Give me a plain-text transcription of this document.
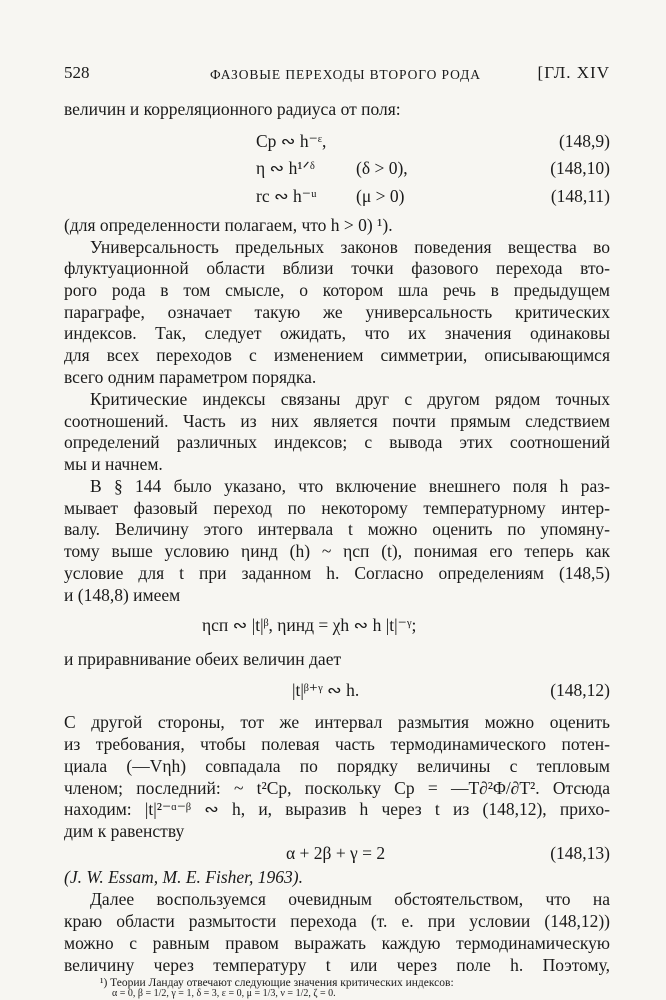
528	ФАЗОВЫЕ ПЕРЕХОДЫ ВТОРОГО РОДА	[ГЛ. XIV
величин и корреляционного радиуса от поля:
Cp ∾ h⁻ᵋ,	(148,9)
η ∾ h¹ᐟᵟ (δ > 0),	(148,10)
rc ∾ h⁻ᵘ (μ > 0)	(148,11)
(для определенности полагаем, что h > 0) ¹).
Универсальность предельных законов поведения вещества во
флуктуационной области вблизи точки фазового перехода вто-
рого рода в том смысле, о котором шла речь в предыдущем
параграфе, означает такую же универсальность критических
индексов. Так, следует ожидать, что их значения одинаковы
для всех переходов с изменением симметрии, описывающимся
всего одним параметром порядка.
Критические индексы связаны друг с другом рядом точных
соотношений. Часть из них является почти прямым следствием
определений различных индексов; с вывода этих соотношений
мы и начнем.
В § 144 было указано, что включение внешнего поля h раз-
мывает фазовый переход по некоторому температурному интер-
валу. Величину этого интервала t можно оценить по упомяну-
тому выше условию ηинд (h) ~ ηсп (t), понимая его теперь как
условие для t при заданном h. Согласно определениям (148,5)
и (148,8) имеем
ηсп ∾ |t|ᵝ, ηинд = χh ∾ h |t|⁻ᵞ;
и приравнивание обеих величин дает
|t|ᵝ⁺ᵞ ∾ h.	(148,12)
С другой стороны, тот же интервал размытия можно оценить
из требования, чтобы полевая часть термодинамического потен-
циала (—Vηh) совпадала по порядку величины с тепловым
членом; последний: ~ t²Cp, поскольку Cp = —T∂²Φ/∂T². Отсюда
находим: |t|²⁻ᵅ⁻ᵝ ∾ h, и, выразив h через t из (148,12), прихо-
дим к равенству
α + 2β + γ = 2	(148,13)
(J. W. Essam, M. E. Fisher, 1963).
Далее воспользуемся очевидным обстоятельством, что на
краю области размытости перехода (т. е. при условии (148,12))
можно с равным правом выражать каждую термодинамическую
величину через температуру t или через поле h. Поэтому,
¹) Теории Ландау отвечают следующие значения критических индексов:
α = 0, β = 1/2, γ = 1, δ = 3, ε = 0, μ = 1/3, ν = 1/2, ζ = 0.
